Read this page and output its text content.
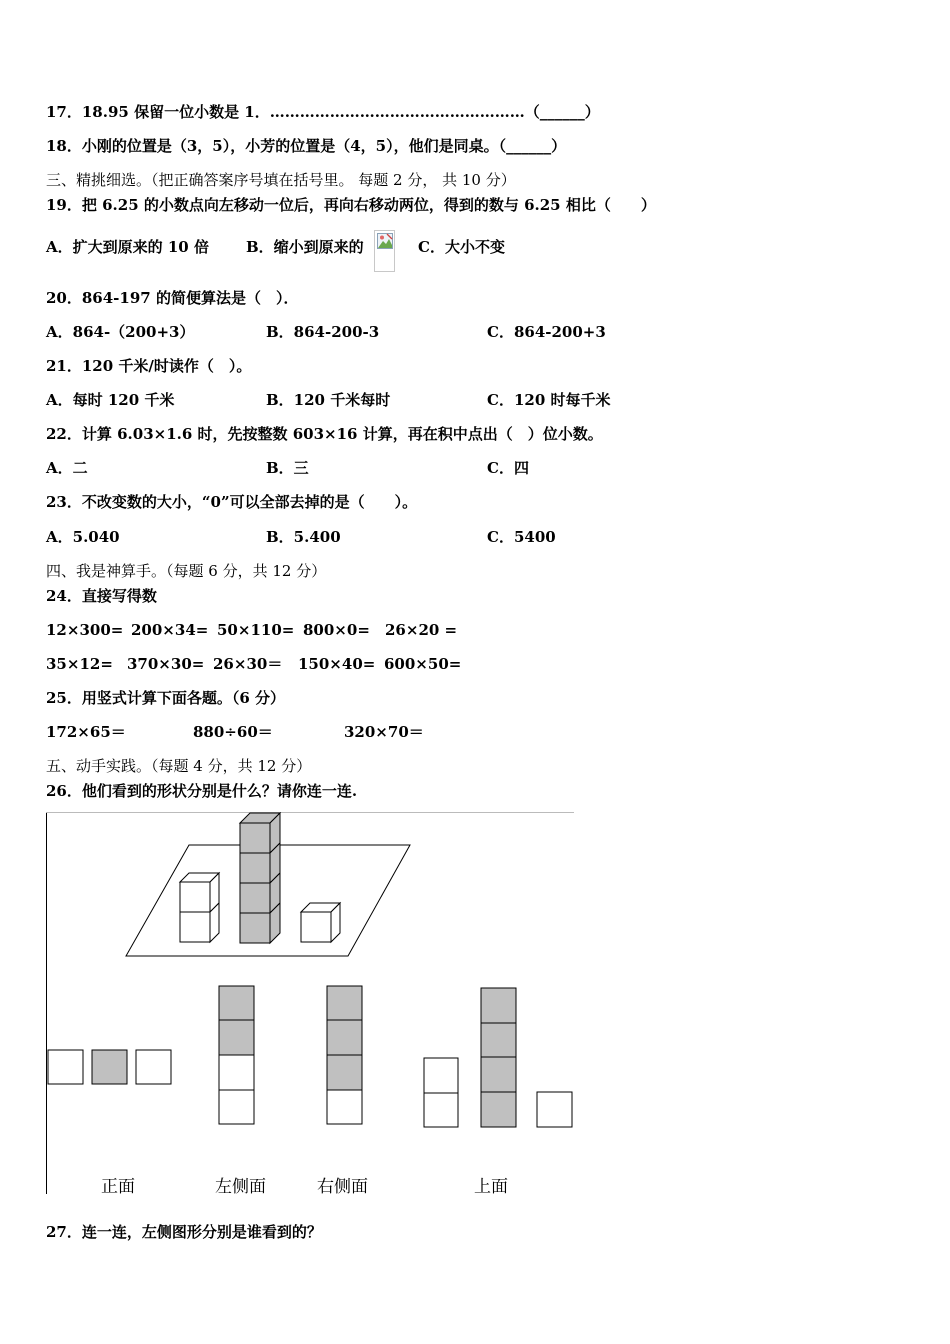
17．18.95 保留一位小数是 1．……………………………………………（______）
18．小刚的位置是（3，5），小芳的位置是（4，5），他们是同桌。（______）
三、精挑细选。（把正确答案序号填在括号里。 每题 2 分， 共 10 分）
19．把 6.25 的小数点向左移动一位后，再向右移动两位，得到的数与 6.25 相比（　　）
A．扩大到原来的 10 倍 B．缩小到原来的	C．大小不变
20．864-197 的简便算法是（　）．
A．864-（200+3）	B．864-200-3	C．864-200+3
21．120 千米/时读作（　）。
A．每时 120 千米	B．120 千米每时	C．120 时每千米
22．计算 6.03×1.6 时，先按整数 603×16 计算，再在积中点出（　）位小数。
A．二	B．三	C．四
23．不改变数的大小，“0”可以全部去掉的是（　　）。
A．5.040	B．5.400	C．5400
四、我是神算手。（每题 6 分，共 12 分）
24．直接写得数
12×300= 200×34= 50×110= 800×0= 26×20 =
35×12= 370×30= 26×30＝ 150×40= 600×50=
25．用竖式计算下面各题。（6 分）
172×65＝	880÷60＝	320×70＝
五、动手实践。（每题 4 分，共 12 分）
26．他们看到的形状分别是什么？请你连一连.
正面	左侧面	右侧面	上面
27．连一连，左侧图形分别是谁看到的？
